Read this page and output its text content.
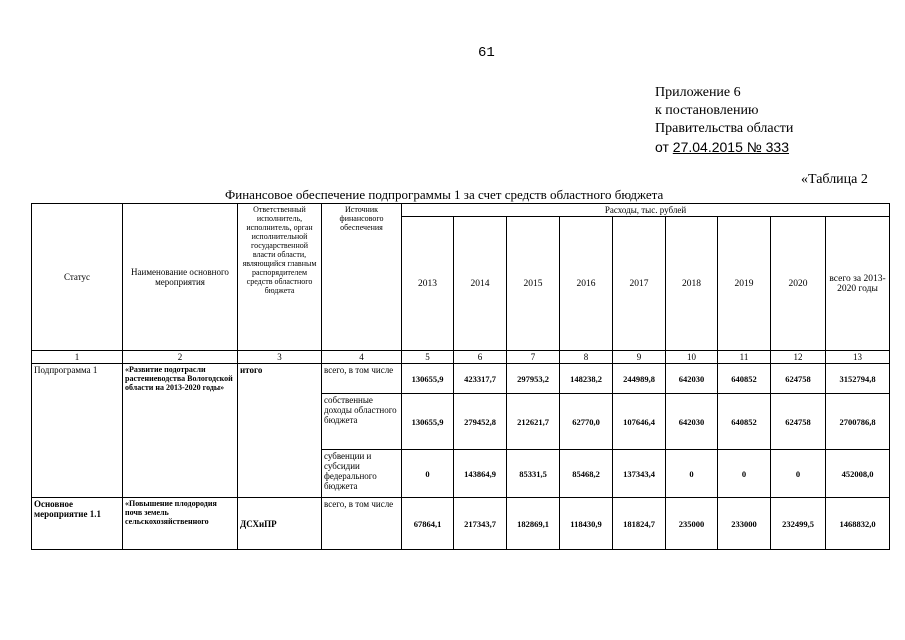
61
Приложение 6
к постановлению
Правительства области
от 27.04.2015 № 333
«Таблица 2
Финансовое обеспечение подпрограммы 1 за счет средств областного бюджета
Статус	Наименование основного мероприятия	Ответственный исполнитель, исполнитель, орган исполнительной государственной власти области, являющийся главным распорядителем средств областного бюджета	Источник финансового обеспечения	Расходы, тыс. рублей								
				2013	2014	2015	2016	2017	2018	2019	2020	всего за 2013-2020 годы
1	2	3	4	5	6	7	8	9	10	11	12	13
Подпрограмма 1	«Развитие подотрасли растениеводства Вологодской области на 2013-2020 годы»	итого	всего, в том числе	130655,9	423317,7	297953,2	148238,2	244989,8	642030	640852	624758	3152794,8
			собственные доходы областного бюджета	130655,9	279452,8	212621,7	62770,0	107646,4	642030	640852	624758	2700786,8
			субвенции и субсидии федерального бюджета	0	143864,9	85331,5	85468,2	137343,4	0	0	0	452008,0
Основное мероприятие 1.1	«Повышение плодородия почв земель сельскохозяйственного	ДСХиПР	всего, в том числе	67864,1	217343,7	182869,1	118430,9	181824,7	235000	233000	232499,5	1468832,0
